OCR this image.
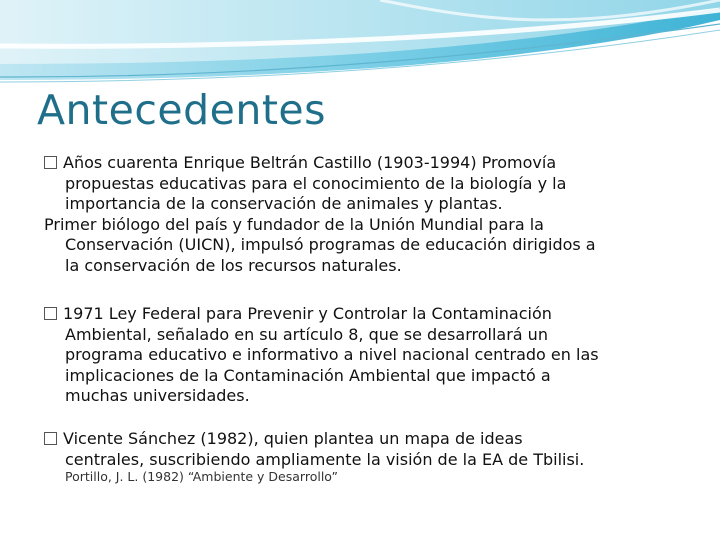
Antecedentes
Años cuarenta Enrique Beltrán Castillo (1903-1994) Promovía
propuestas educativas para el conocimiento de la biología y la
importancia de la conservación de animales y plantas.
Primer biólogo del país y fundador de la Unión Mundial para la
Conservación (UICN), impulsó programas de educación dirigidos a
la conservación de los recursos naturales.
1971 Ley Federal para Prevenir y Controlar la Contaminación
Ambiental, señalado en su artículo 8, que se desarrollará un
programa educativo e informativo a nivel nacional centrado en las
implicaciones de la Contaminación Ambiental que impactó a
muchas universidades.
Vicente Sánchez (1982), quien plantea un mapa de ideas
centrales, suscribiendo ampliamente la visión de la EA de Tbilisi.
Portillo, J. L. (1982) “Ambiente y Desarrollo”
